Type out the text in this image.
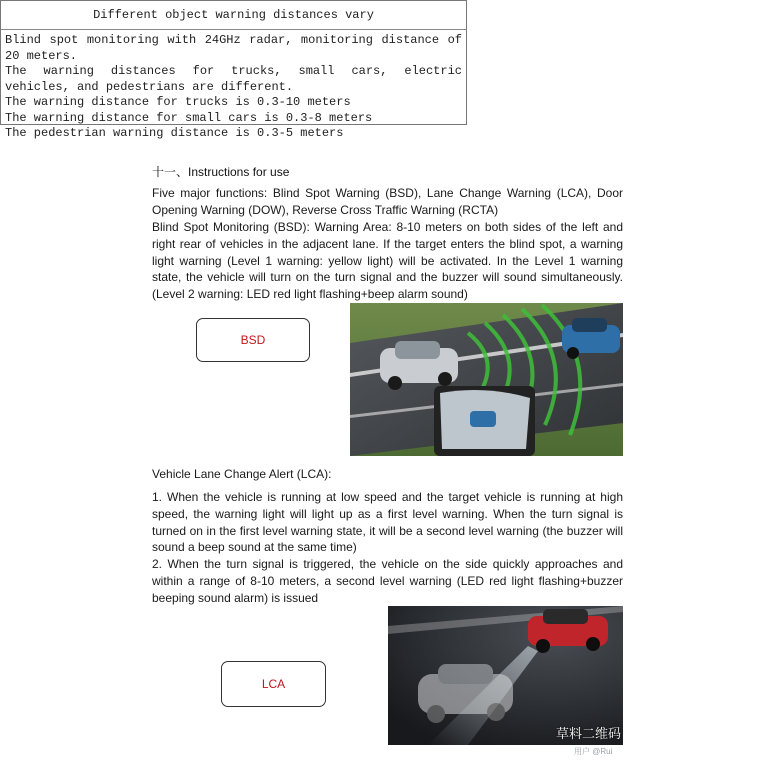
Different object warning distances vary
Blind spot monitoring with 24GHz radar, monitoring distance of 20 meters.
The warning distances for trucks, small cars, electric vehicles, and pedestrians are different.
The warning distance for trucks is 0.3-10 meters
The warning distance for small cars is 0.3-8 meters
The pedestrian warning distance is 0.3-5 meters
十一、Instructions for use
Five major functions: Blind Spot Warning (BSD), Lane Change Warning (LCA), Door Opening Warning (DOW), Reverse Cross Traffic Warning (RCTA)
Blind Spot Monitoring (BSD): Warning Area: 8-10 meters on both sides of the left and right rear of vehicles in the adjacent lane. If the target enters the blind spot, a warning light warning (Level 1 warning: yellow light) will be activated. In the Level 1 warning state, the vehicle will turn on the turn signal and the buzzer will sound simultaneously. (Level 2 warning: LED red light flashing+beep alarm sound)
BSD
Vehicle Lane Change Alert (LCA):
1. When the vehicle is running at low speed and the target vehicle is running at high speed, the warning light will light up as a first level warning. When the turn signal is turned on in the first level warning state, it will be a second level warning (the buzzer will sound a beep sound at the same time)
2. When the turn signal is triggered, the vehicle on the side quickly approaches and within a range of 8-10 meters, a second level warning (LED red light flashing+buzzer beeping sound alarm) is issued
LCA
草料二维码
用户 @Rui
